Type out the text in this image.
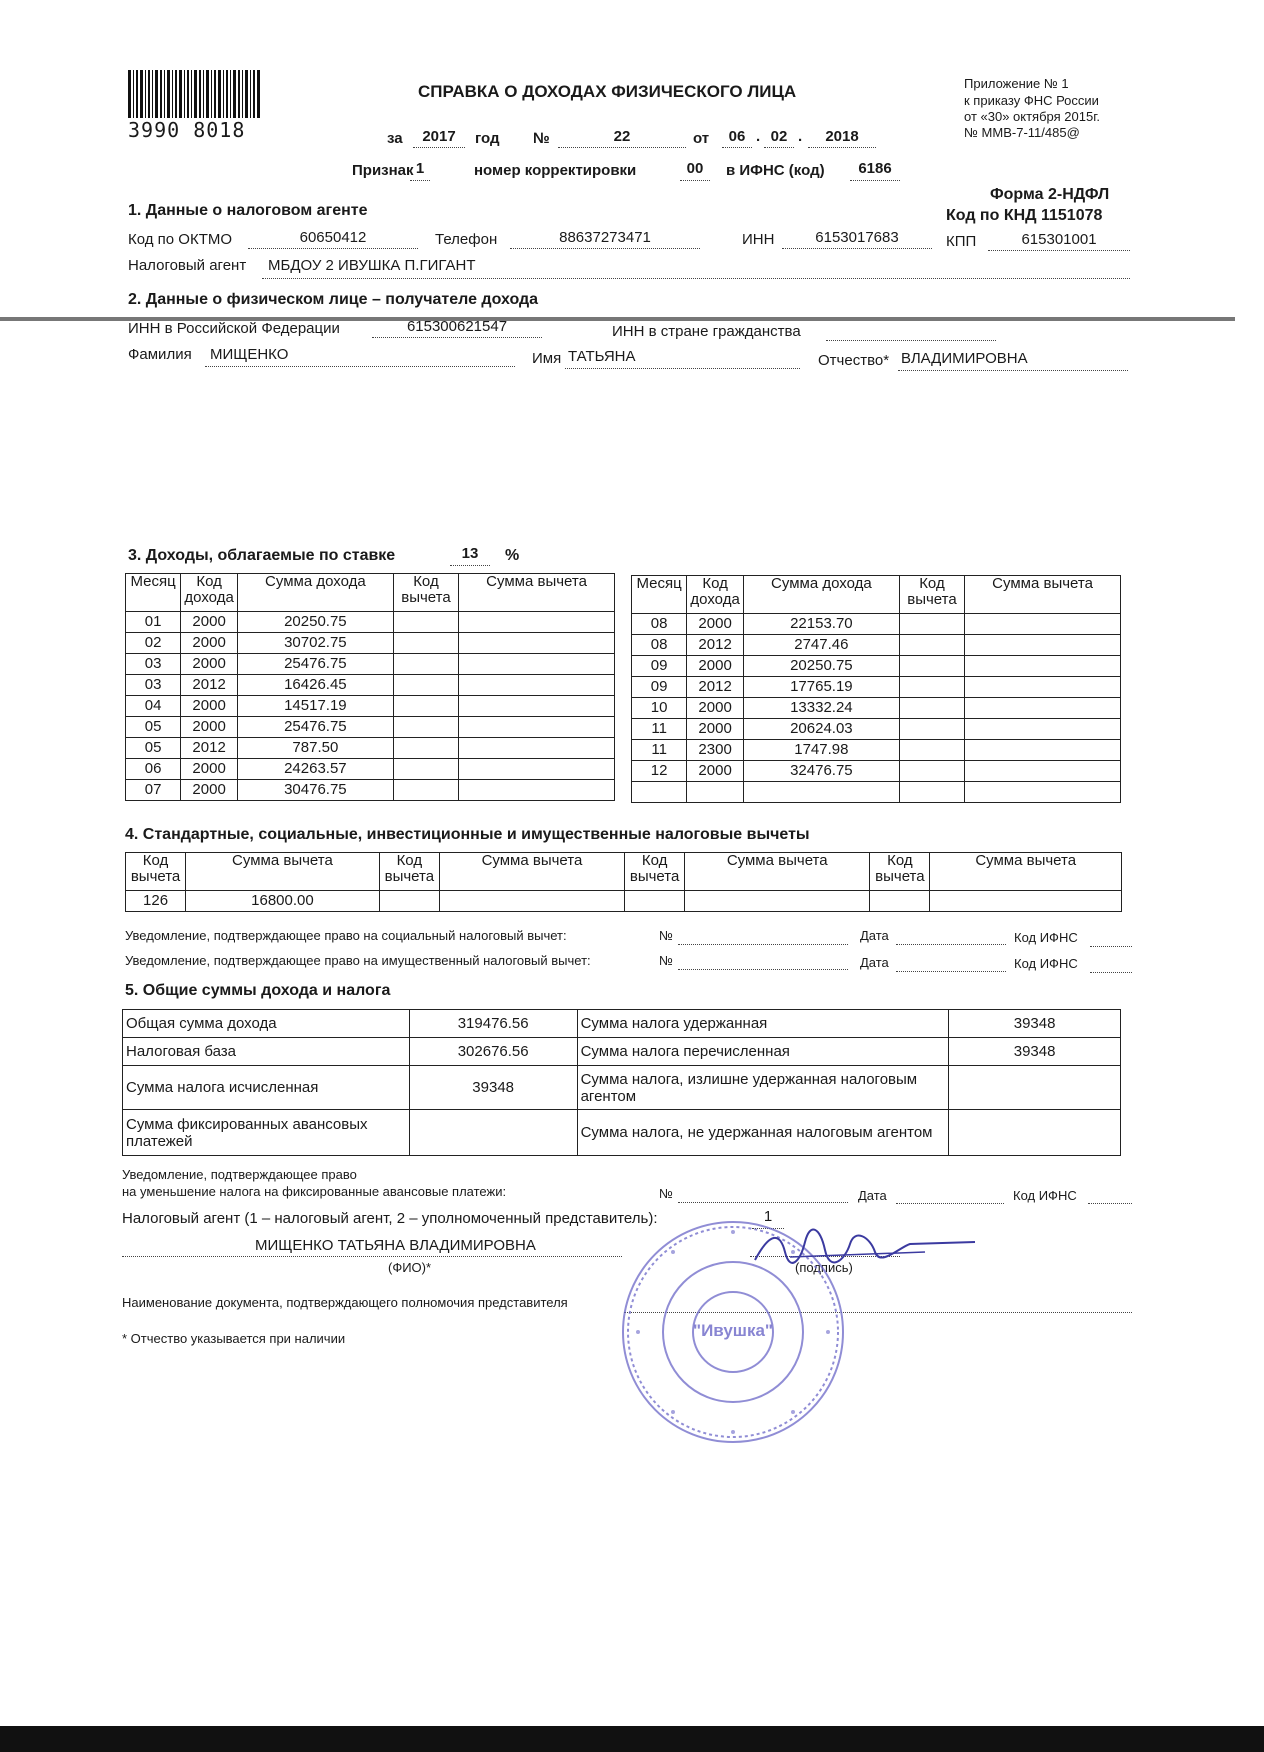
3990 8018
СПРАВКА О ДОХОДАХ ФИЗИЧЕСКОГО ЛИЦА	Приложение № 1
к приказу ФНС России
от «30» октября 2015г.
№ ММВ-7-11/485@
за	2017	год №	22	от	06 . 02 .	2018
Признак 1	номер корректировки	00	в ИФНС (код)	6186
Форма 2-НДФЛ
Код по КНД 1151078
1. Данные о налоговом агенте
Код по ОКТМО	60650412	Телефон	88637273471	ИНН	6153017683	КПП	615301001
Налоговый агент МБДОУ 2 ИВУШКА П.ГИГАНТ
2. Данные о физическом лице – получателе дохода
ИНН в Российской Федерации	615300621547	ИНН в стране гражданства
Фамилия МИЩЕНКО	Имя ТАТЬЯНА	Отчество* ВЛАДИМИРОВНА
3. Доходы, облагаемые по ставке	13	%
Месяц	Код дохода	Сумма дохода	Код вычета	Сумма вычета
01	2000	20250.75		
02	2000	30702.75		
03	2000	25476.75		
03	2012	16426.45		
04	2000	14517.19		
05	2000	25476.75		
05	2012	787.50		
06	2000	24263.57		
07	2000	30476.75		
Месяц	Код дохода	Сумма дохода	Код вычета	Сумма вычета
08	2000	22153.70		
08	2012	2747.46		
09	2000	20250.75		
09	2012	17765.19		
10	2000	13332.24		
11	2000	20624.03		
11	2300	1747.98		
12	2000	32476.75		

4. Стандартные, социальные, инвестиционные и имущественные налоговые вычеты
Код вычета	Сумма вычета	Код вычета	Сумма вычета	Код вычета	Сумма вычета	Код вычета	Сумма вычета
126	16800.00						
Уведомление, подтверждающее право на социальный налоговый вычет:	№	Дата	Код ИФНС
Уведомление, подтверждающее право на имущественный налоговый вычет:	№	Дата	Код ИФНС
5. Общие суммы дохода и налога
Общая сумма дохода	319476.56	Сумма налога удержанная	39348
Налоговая база	302676.56	Сумма налога перечисленная	39348
Сумма налога исчисленная	39348	Сумма налога, излишне удержанная налоговым агентом	
Сумма фиксированных авансовых платежей		Сумма налога, не удержанная налоговым агентом	
Уведомление, подтверждающее право
на уменьшение налога на фиксированные авансовые платежи:	№	Дата	Код ИФНС
Налоговый агент (1 – налоговый агент, 2 – уполномоченный представитель):	1
МИЩЕНКО ТАТЬЯНА ВЛАДИМИРОВНА
(ФИО)*	(подпись)
Наименование документа, подтверждающего полномочия представителя
* Отчество указывается при наличии	"Ивушка"
